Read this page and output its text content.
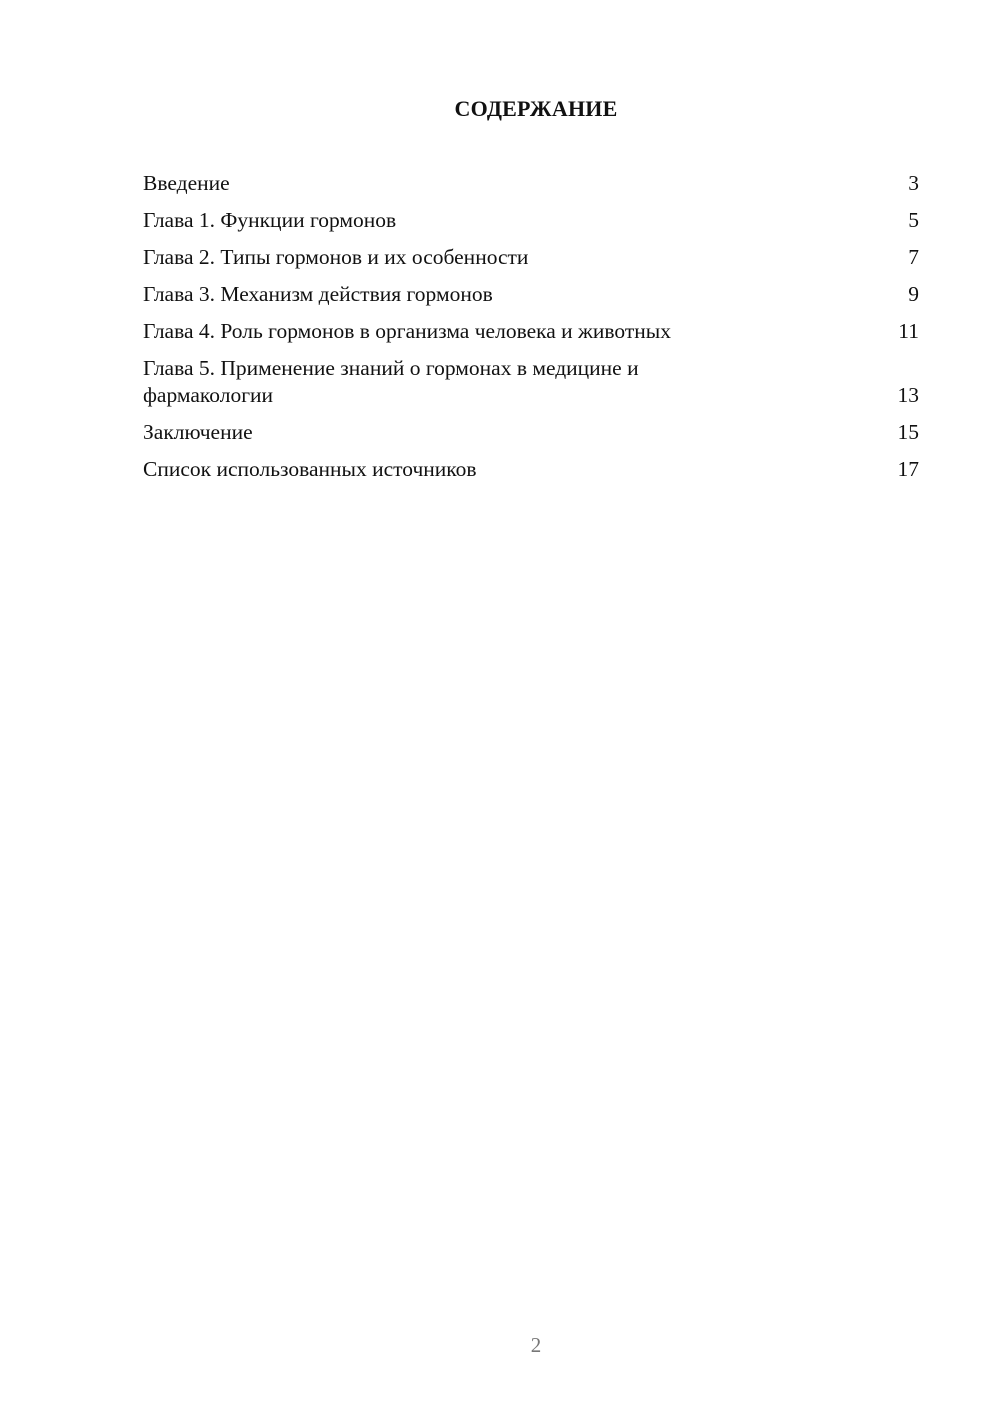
СОДЕРЖАНИЕ
Введение	3
Глава 1. Функции гормонов	5
Глава 2. Типы гормонов и их особенности	7
Глава 3. Механизм действия гормонов	9
Глава 4. Роль гормонов в организма человека и животных	11
Глава 5. Применение знаний о гормонах в медицине и фармакологии	13
Заключение	15
Список использованных источников	17
2
